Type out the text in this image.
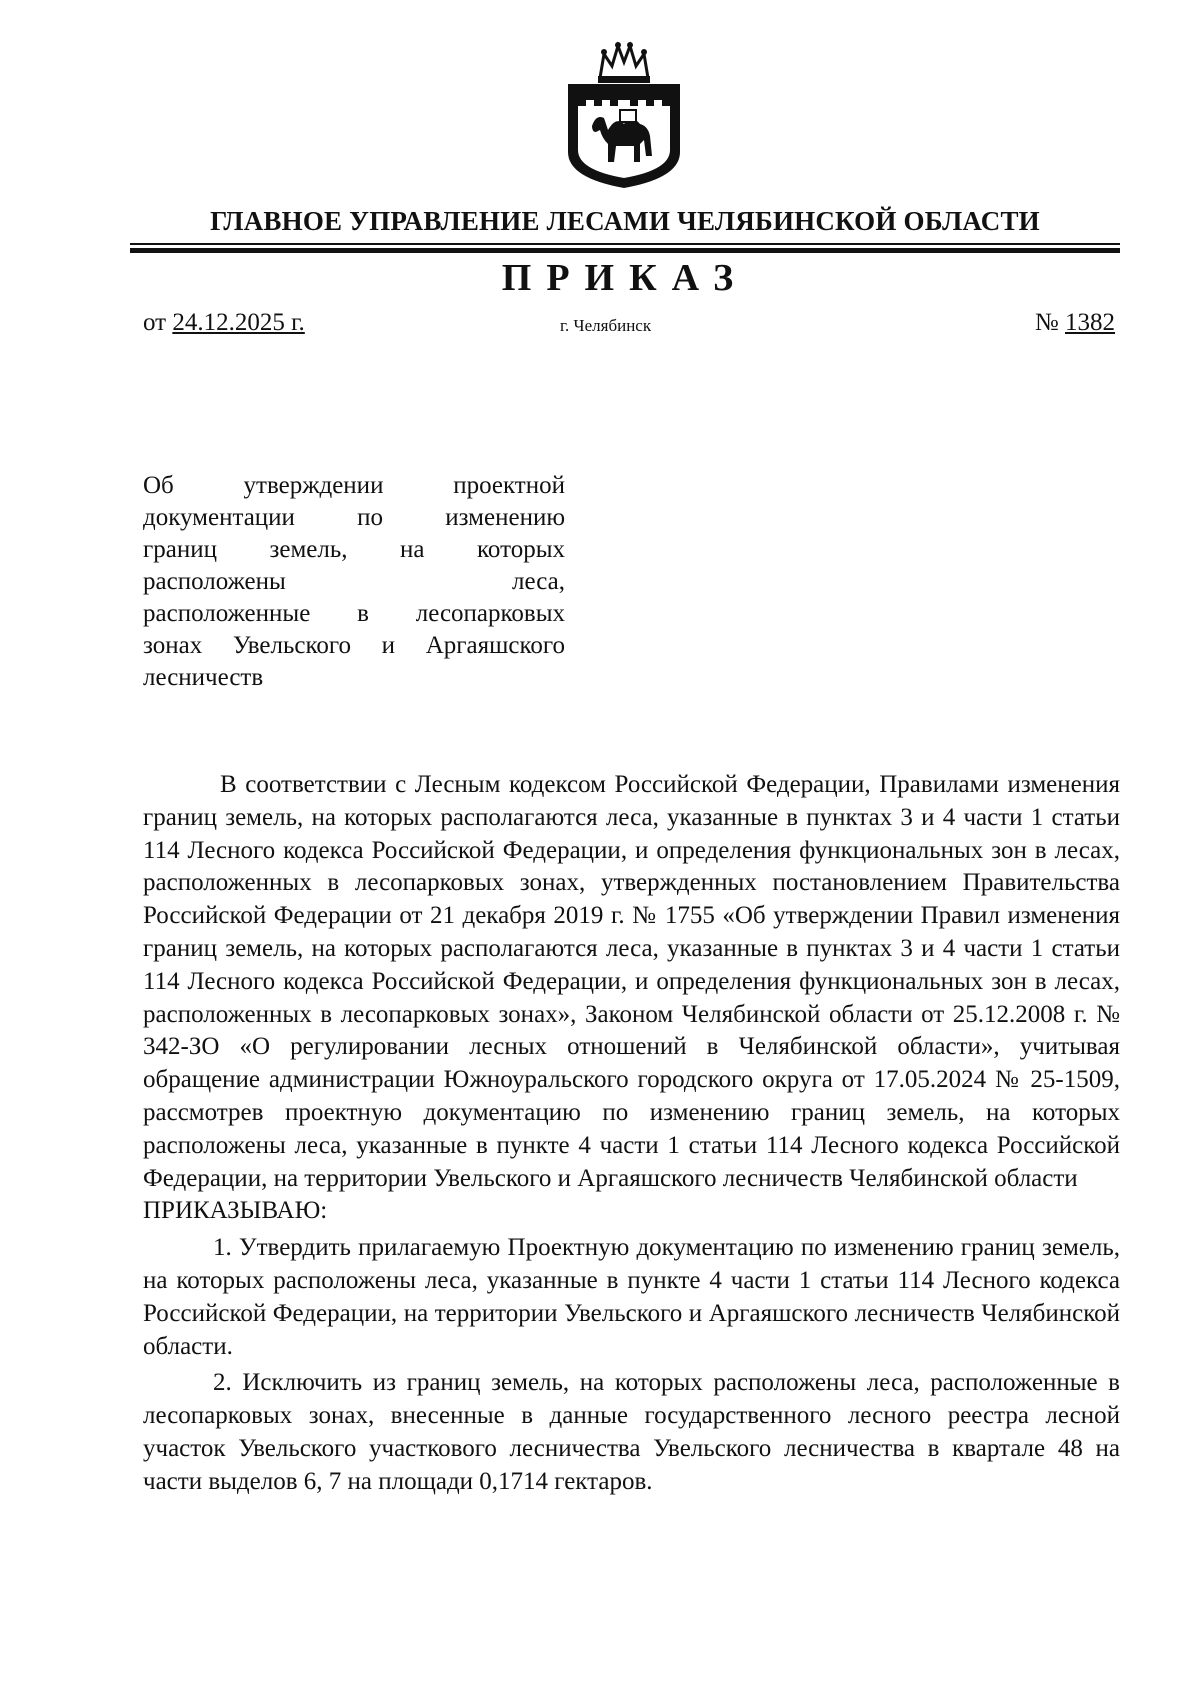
ГЛАВНОЕ УПРАВЛЕНИЕ ЛЕСАМИ ЧЕЛЯБИНСКОЙ ОБЛАСТИ
ПРИКАЗ
от 24.12.2025 г.	г. Челябинск	№ 1382
Об утверждении проектной
документации по изменению
границ земель, на которых
расположены леса,
расположенные в лесопарковых
зонах Увельского и Аргаяшского
лесничеств

В соответствии с Лесным кодексом Российской Федерации, Правилами изменения границ земель, на которых располагаются леса, указанные в пунктах 3 и 4 части 1 статьи 114 Лесного кодекса Российской Федерации, и определения функциональных зон в лесах, расположенных в лесопарковых зонах, утвержденных постановлением Правительства Российской Федерации от 21 декабря 2019 г. № 1755 «Об утверждении Правил изменения границ земель, на которых располагаются леса, указанные в пунктах 3 и 4 части 1 статьи 114 Лесного кодекса Российской Федерации, и определения функциональных зон в лесах, расположенных в лесопарковых зонах», Законом Челябинской области от 25.12.2008 г. № 342-ЗО «О регулировании лесных отношений в Челябинской области», учитывая обращение администрации Южноуральского городского округа от 17.05.2024 № 25-1509, рассмотрев проектную документацию по изменению границ земель, на которых расположены леса, указанные в пункте 4 части 1 статьи 114 Лесного кодекса Российской Федерации, на территории Увельского и Аргаяшского лесничеств Челябинской области

ПРИКАЗЫВАЮ:

1. Утвердить прилагаемую Проектную документацию по изменению границ земель, на которых расположены леса, указанные в пункте 4 части 1 статьи 114 Лесного кодекса Российской Федерации, на территории Увельского и Аргаяшского лесничеств Челябинской области.

2. Исключить из границ земель, на которых расположены леса, расположенные в лесопарковых зонах, внесенные в данные государственного лесного реестра лесной участок Увельского участкового лесничества Увельского лесничества в квартале 48 на части выделов 6, 7 на площади 0,1714 гектаров.
